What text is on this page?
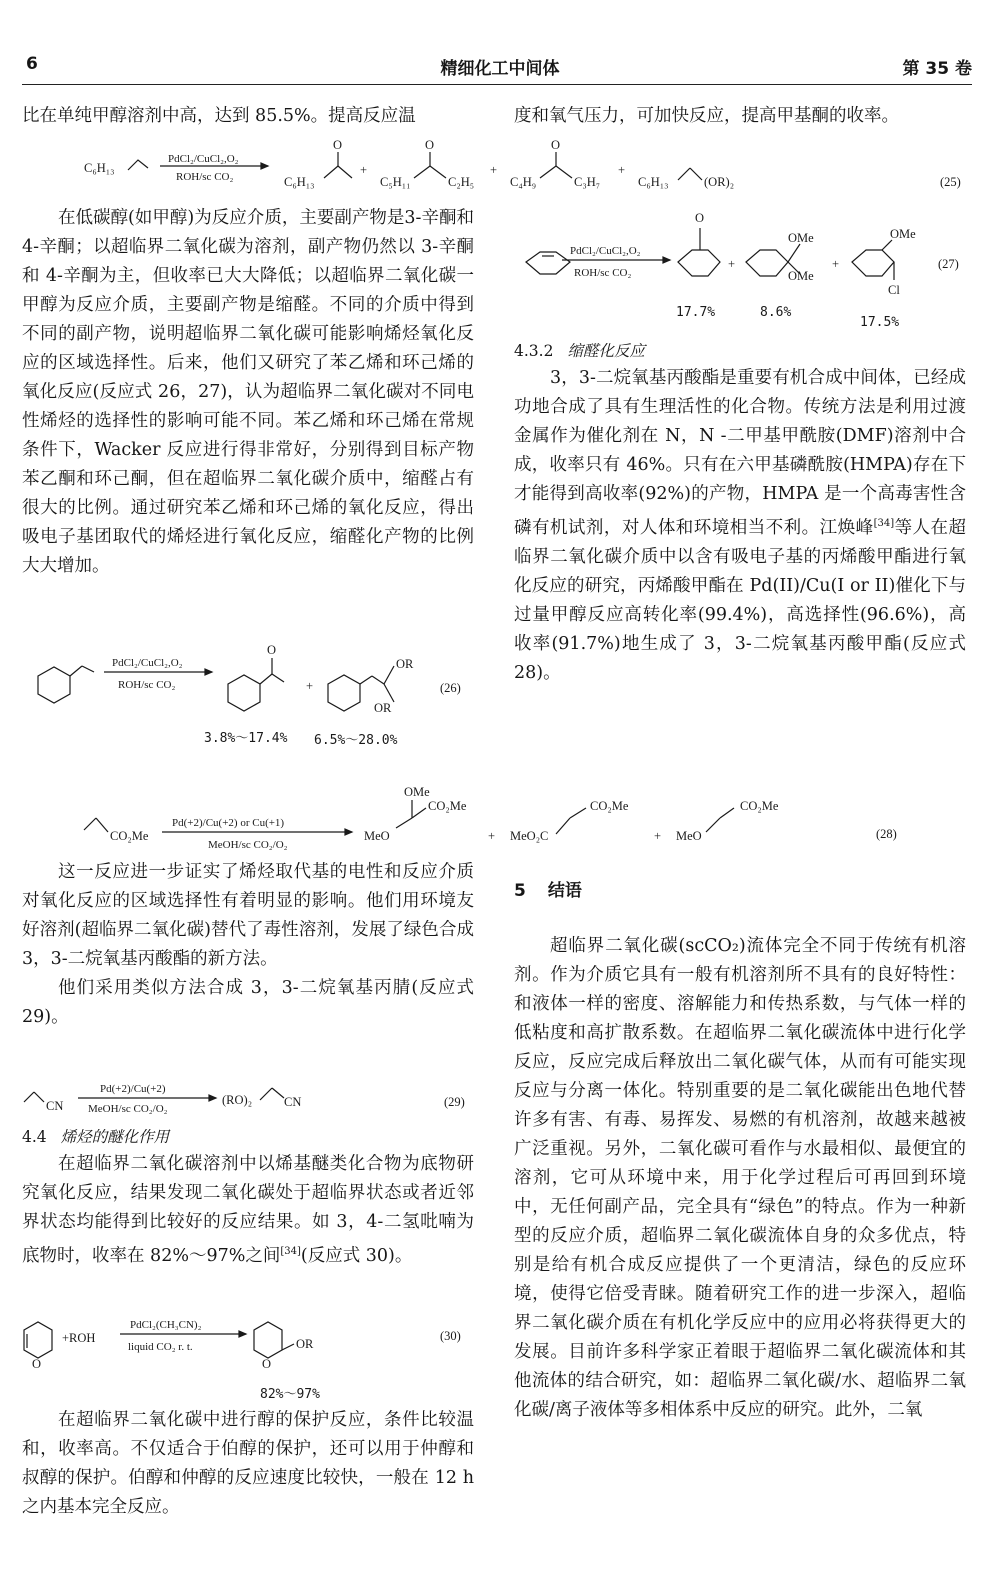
6	精细化工中间体	第 35 卷

比在单纯甲醇溶剂中高，达到 85.5%。提高反应温	度和氧气压力，可加快反应，提高甲基酮的收率。

C₆H₁₃
PdCl₂/CuCl₂,O₂
ROH/sc CO₂	C₆H₁₃
O
+
C₅H₁₁
O
C₂H₅
+
C₄H₉
O
C₃H₇
+
C₆H₁₃	(OR)₂	(25)

在低碳醇(如甲醇)为反应介质，主要副产物是3-辛酮和 4-辛酮；以超临界二氧化碳为溶剂，副产物仍然以 3-辛酮和 4-辛酮为主，但收率已大大降低；以超临界二氧化碳一甲醇为反应介质，主要副产物是缩醛。不同的介质中得到不同的副产物，说明超临界二氧化碳可能影响烯烃氧化反应的区域选择性。后来，他们又研究了苯乙烯和环己烯的氧化反应(反应式 26，27)，认为超临界二氧化碳对不同电性烯烃的选择性的影响可能不同。苯乙烯和环己烯在常规条件下，Wacker 反应进行得非常好，分别得到目标产物苯乙酮和环己酮，但在超临界二氧化碳介质中，缩醛占有很大的比例。通过研究苯乙烯和环己烯的氧化反应，得出吸电子基团取代的烯烃进行氧化反应，缩醛化产物的比例大大增加。

PdCl₂/CuCl₂,O₂
ROH/sc CO₂
O
+
OR
OR
(26)
3.8%～17.4% 6.5%～28.0%
PdCl₂/CuCl₂,O₂
ROH/sc CO₂
O
+
OMe
OMe
+
OMe
Cl
(27)
17.7%	8.6%
17.5%

4.3.2 缩醛化反应

3，3-二烷氧基丙酸酯是重要有机合成中间体，已经成功地合成了具有生理活性的化合物。传统方法是利用过渡金属作为催化剂在 N，N -二甲基甲酰胺(DMF)溶剂中合成，收率只有 46%。只有在六甲基磷酰胺(HMPA)存在下才能得到高收率(92%)的产物，HMPA 是一个高毒害性含磷有机试剂，对人体和环境相当不利。江焕峰[34]等人在超临界二氧化碳介质中以含有吸电子基的丙烯酸甲酯进行氧化反应的研究，丙烯酸甲酯在 Pd(II)/Cu(I or II)催化下与过量甲醇反应高转化率(99.4%)，高选择性(96.6%)，高收率(91.7%)地生成了 3，3-二烷氧基丙酸甲酯(反应式 28)。

CO₂Me
Pd(+2)/Cu(+2) or Cu(+1)
MeOH/sc CO₂/O₂
OMe
CO₂Me
MeO	+ MeO₂C
CO₂Me
+ MeO
CO₂Me
(28)

这一反应进一步证实了烯烃取代基的电性和反应介质对氧化反应的区域选择性有着明显的影响。他们用环境友好溶剂(超临界二氧化碳)替代了毒性溶剂，发展了绿色合成 3，3-二烷氧基丙酸酯的新方法。

他们采用类似方法合成 3，3-二烷氧基丙腈(反应式 29)。

CN
Pd(+2)/Cu(+2)
MeOH/sc CO₂/O₂
(RO)₂	CN	(29)

4.4 烯烃的醚化作用

在超临界二氧化碳溶剂中以烯基醚类化合物为底物研究氧化反应，结果发现二氧化碳处于超临界状态或者近邻界状态均能得到比较好的反应结果。如 3，4-二氢吡喃为底物时，收率在 82%～97%之间[34](反应式 30)。

O
+ROH
PdCl₂(CH₃CN)₂
liquid CO₂ r. t.	OR
O
(30)
82%～97%

在超临界二氧化碳中进行醇的保护反应，条件比较温和，收率高。不仅适合于伯醇的保护，还可以用于仲醇和叔醇的保护。伯醇和仲醇的反应速度比较快，一般在 12 h 之内基本完全反应。

5 结语

超临界二氧化碳(scCO₂)流体完全不同于传统有机溶剂。作为介质它具有一般有机溶剂所不具有的良好特性：和液体一样的密度、溶解能力和传热系数，与气体一样的低粘度和高扩散系数。在超临界二氧化碳流体中进行化学反应，反应完成后释放出二氧化碳气体，从而有可能实现反应与分离一体化。特别重要的是二氧化碳能出色地代替许多有害、有毒、易挥发、易燃的有机溶剂，故越来越被广泛重视。另外，二氧化碳可看作与水最相似、最便宜的溶剂，它可从环境中来，用于化学过程后可再回到环境中，无任何副产品，完全具有“绿色”的特点。作为一种新型的反应介质，超临界二氧化碳流体自身的众多优点，特别是给有机合成反应提供了一个更清洁，绿色的反应环境，使得它倍受青睐。随着研究工作的进一步深入，超临界二氧化碳介质在有机化学反应中的应用必将获得更大的发展。目前许多科学家正着眼于超临界二氧化碳流体和其他流体的结合研究，如：超临界二氧化碳/水、超临界二氧化碳/离子液体等多相体系中反应的研究。此外，二氧
